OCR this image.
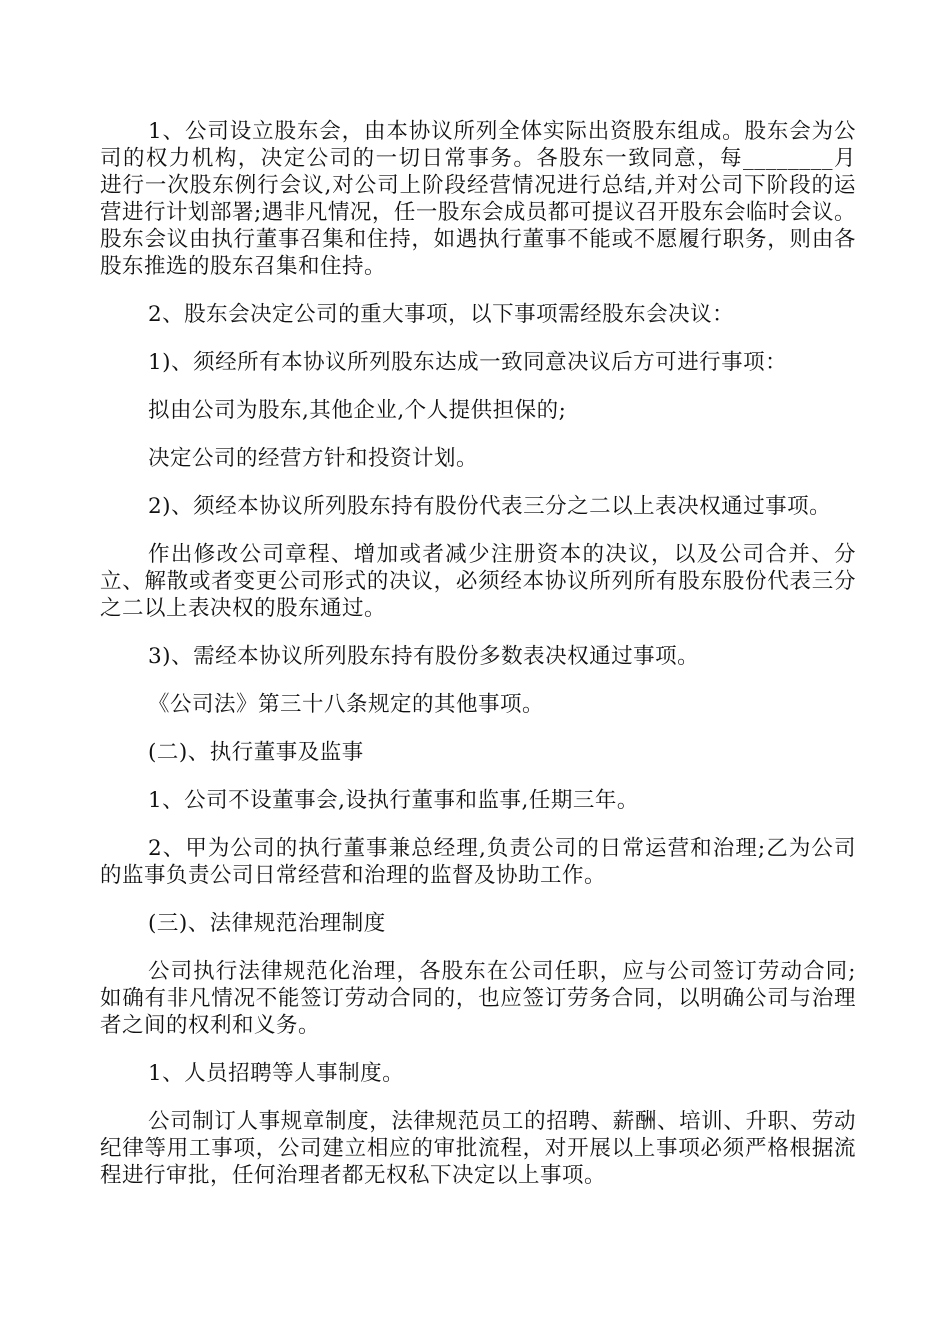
1、公司设立股东会，由本协议所列全体实际出资股东组成。股东会为公司的权力机构，决定公司的一切日常事务。各股东一致同意，每________月 进行一次股东例行会议,对公司上阶段经营情况进行总结,并对公司下阶段的运营进行计划部署;遇非凡情况，任一股东会成员都可提议召开股东会临时会议。股东会议由执行董事召集和住持，如遇执行董事不能或不愿履行职务，则由各股东推选的股东召集和住持。

2、股东会决定公司的重大事项，以下事项需经股东会决议：

1)、须经所有本协议所列股东达成一致同意决议后方可进行事项：

拟由公司为股东,其他企业,个人提供担保的;

决定公司的经营方针和投资计划。

2)、须经本协议所列股东持有股份代表三分之二以上表决权通过事项。

作出修改公司章程、增加或者减少注册资本的决议，以及公司合并、分立、解散或者变更公司形式的决议，必须经本协议所列所有股东股份代表三分之二以上表决权的股东通过。

3)、需经本协议所列股东持有股份多数表决权通过事项。

《公司法》第三十八条规定的其他事项。

(二)、执行董事及监事

1、公司不设董事会,设执行董事和监事,任期三年。

2、甲为公司的执行董事兼总经理,负责公司的日常运营和治理;乙为公司的监事负责公司日常经营和治理的监督及协助工作。

(三)、法律规范治理制度

公司执行法律规范化治理，各股东在公司任职，应与公司签订劳动合同;如确有非凡情况不能签订劳动合同的，也应签订劳务合同，以明确公司与治理者之间的权利和义务。

1、人员招聘等人事制度。

公司制订人事规章制度，法律规范员工的招聘、薪酬、培训、升职、劳动纪律等用工事项，公司建立相应的审批流程，对开展以上事项必须严格根据流程进行审批，任何治理者都无权私下决定以上事项。
